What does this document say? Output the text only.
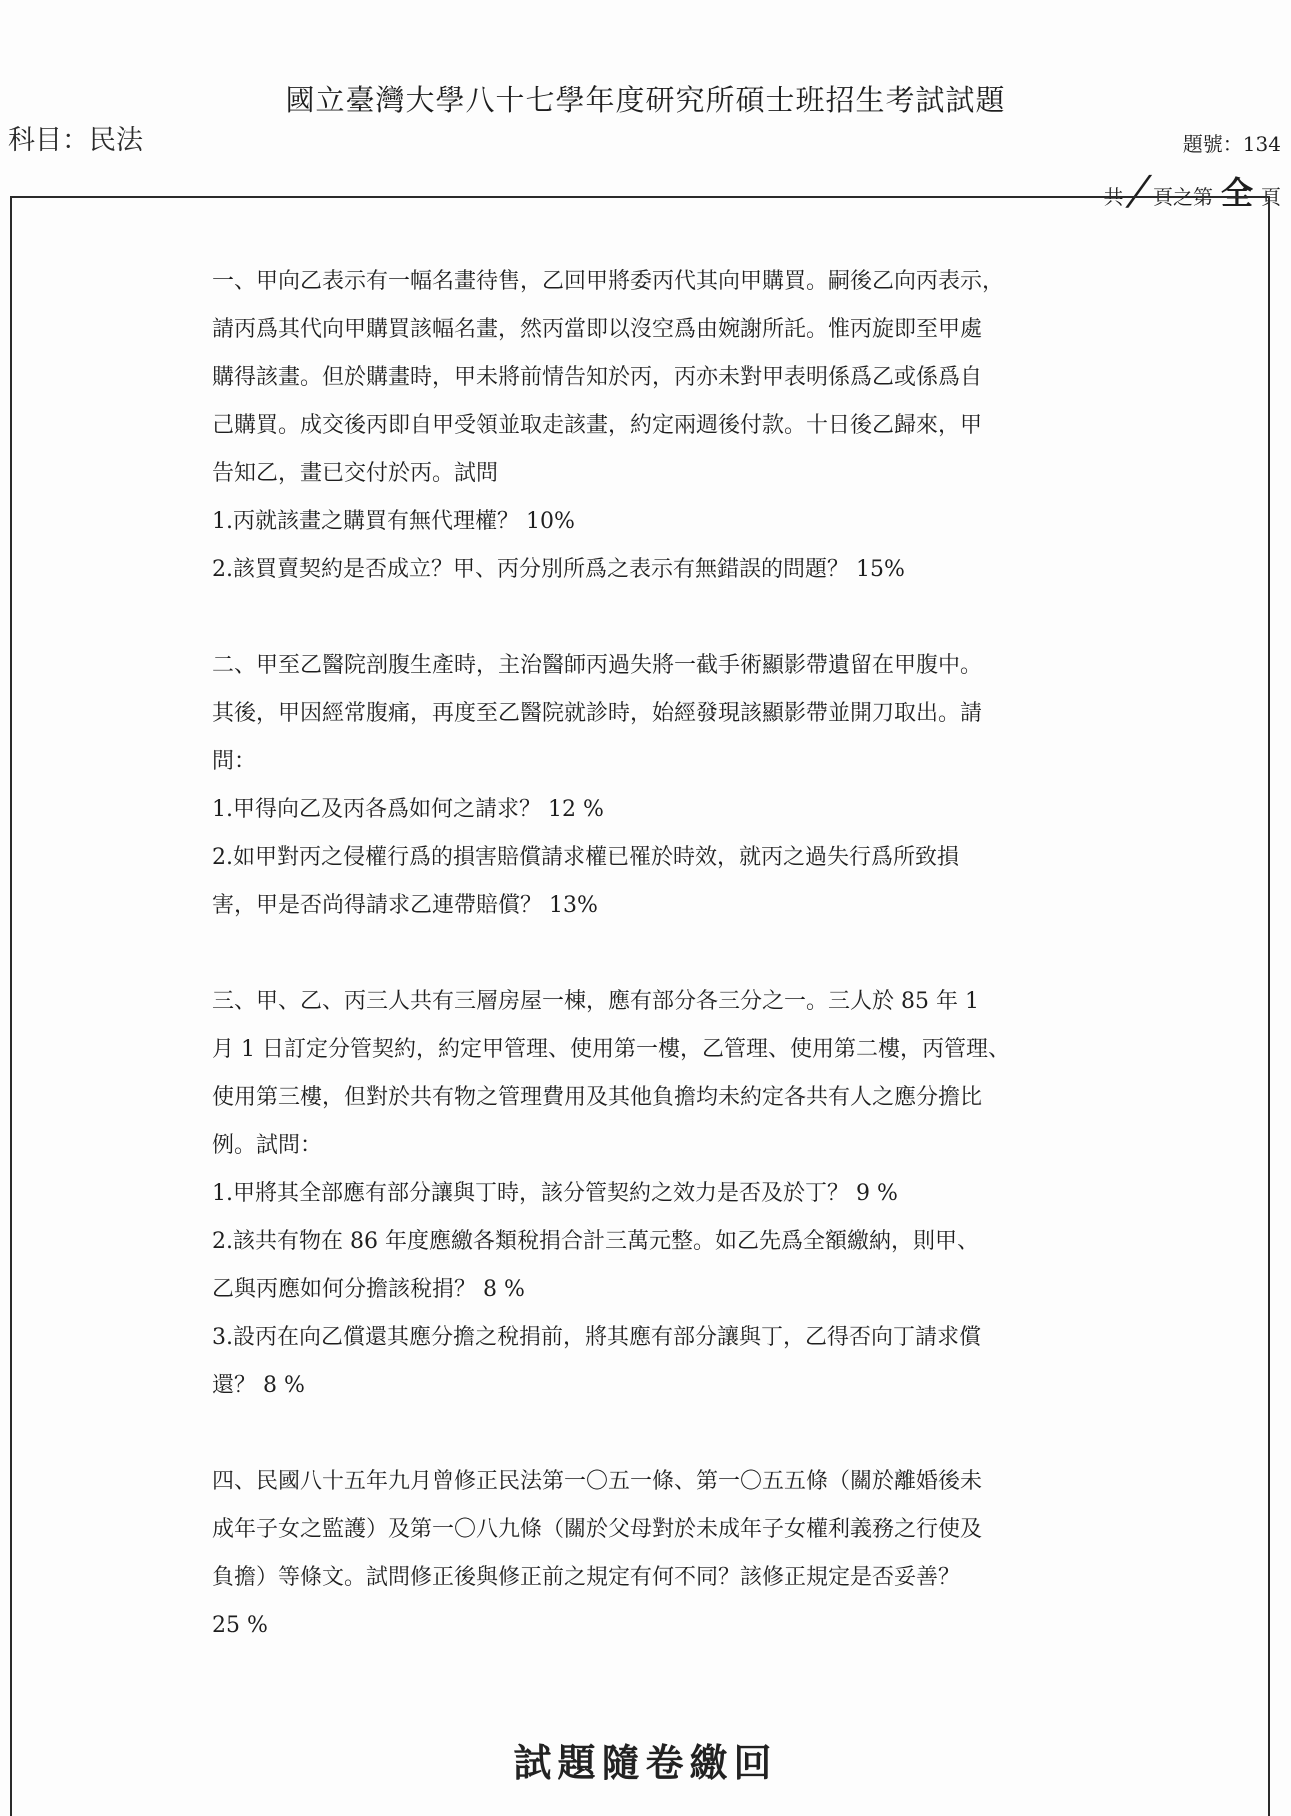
國立臺灣大學八十七學年度研究所碩士班招生考試試題
科目：民法	題號：134
共 / 頁之第 全 頁

一、甲向乙表示有一幅名畫待售，乙回甲將委丙代其向甲購買。嗣後乙向丙表示，

請丙爲其代向甲購買該幅名畫，然丙當即以沒空爲由婉謝所託。惟丙旋即至甲處

購得該畫。但於購畫時，甲未將前情告知於丙，丙亦未對甲表明係爲乙或係爲自

己購買。成交後丙即自甲受領並取走該畫，約定兩週後付款。十日後乙歸來，甲

告知乙，畫已交付於丙。試問

1.丙就該畫之購買有無代理權？ 10%

2.該買賣契約是否成立？甲、丙分別所爲之表示有無錯誤的問題？ 15%

二、甲至乙醫院剖腹生產時，主治醫師丙過失將一截手術顯影帶遺留在甲腹中。

其後，甲因經常腹痛，再度至乙醫院就診時，始經發現該顯影帶並開刀取出。請

問：

1.甲得向乙及丙各爲如何之請求？ 12 %

2.如甲對丙之侵權行爲的損害賠償請求權已罹於時效，就丙之過失行爲所致損

害，甲是否尚得請求乙連帶賠償？ 13%

三、甲、乙、丙三人共有三層房屋一棟，應有部分各三分之一。三人於 85 年 1

月 1 日訂定分管契約，約定甲管理、使用第一樓，乙管理、使用第二樓，丙管理、

使用第三樓，但對於共有物之管理費用及其他負擔均未約定各共有人之應分擔比

例。試問：

1.甲將其全部應有部分讓與丁時，該分管契約之效力是否及於丁？ 9 %

2.該共有物在 86 年度應繳各類稅捐合計三萬元整。如乙先爲全額繳納，則甲、

乙與丙應如何分擔該稅捐？ 8 %

3.設丙在向乙償還其應分擔之稅捐前，將其應有部分讓與丁，乙得否向丁請求償

還？ 8 %

四、民國八十五年九月曾修正民法第一〇五一條、第一〇五五條（關於離婚後未

成年子女之監護）及第一〇八九條（關於父母對於未成年子女權利義務之行使及

負擔）等條文。試問修正後與修正前之規定有何不同？該修正規定是否妥善？

25 %

試題隨卷繳回
